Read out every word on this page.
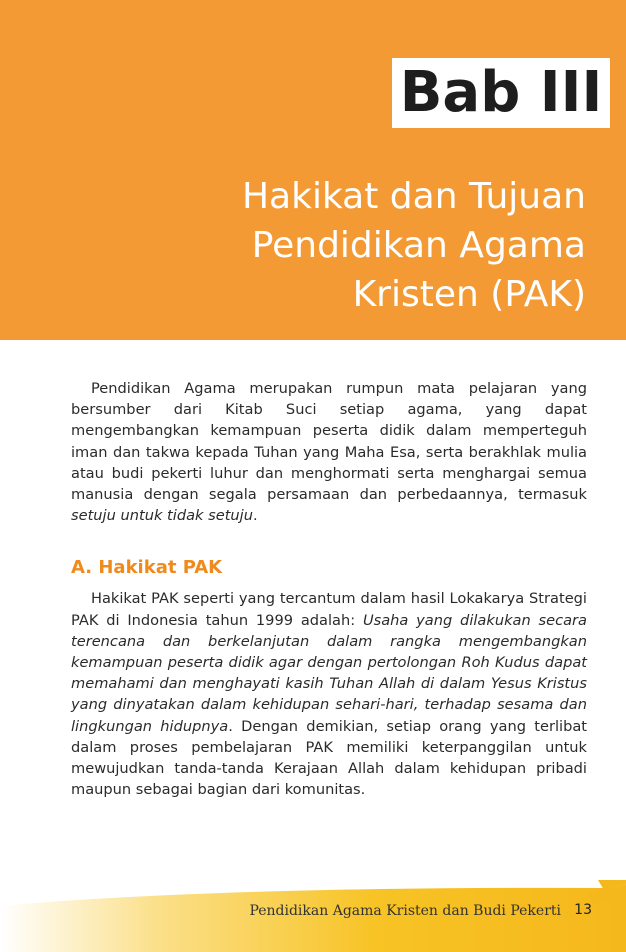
Bab III
Hakikat dan Tujuan
Pendidikan Agama
Kristen (PAK)

Pendidikan Agama merupakan rumpun mata pelajaran yang bersumber dari Kitab Suci setiap agama, yang dapat mengembangkan kemampuan peserta didik dalam memperteguh iman dan takwa kepada Tuhan yang Maha Esa, serta berakhlak mulia atau budi pekerti luhur dan menghormati serta menghargai semua manusia dengan segala persamaan dan perbedaannya, termasuk setuju untuk tidak setuju.

A. Hakikat PAK

Hakikat PAK seperti yang tercantum dalam hasil Lokakarya Strategi PAK di Indonesia tahun 1999 adalah: Usaha yang dilakukan secara terencana dan berkelanjutan dalam rangka mengembangkan kemampuan peserta didik agar dengan pertolongan Roh Kudus dapat memahami dan menghayati kasih Tuhan Allah di dalam Yesus Kristus yang dinyatakan dalam kehidupan sehari-hari, terhadap sesama dan lingkungan hidupnya. Dengan demikian, setiap orang yang terlibat dalam proses pembelajaran PAK memiliki keterpanggilan untuk mewujudkan tanda-tanda Kerajaan Allah dalam kehidupan pribadi maupun sebagai bagian dari komunitas.

Pendidikan Agama Kristen dan Budi Pekerti 13
